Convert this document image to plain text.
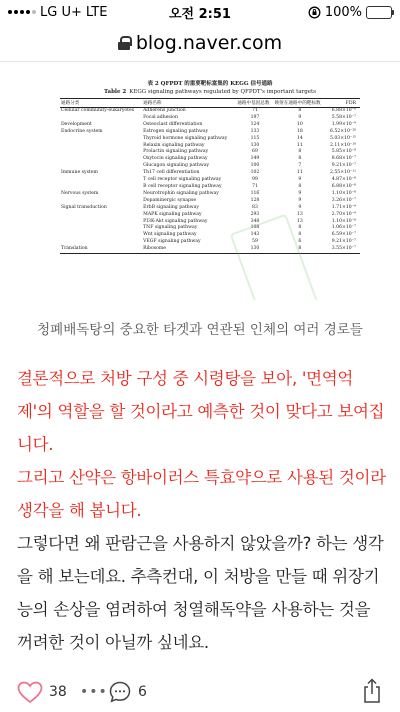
LG U+ LTE	오전 2:51	100%
blog.naver.com
表 2 QFPDT 的重要靶标富集的 KEGG 信号通路
Table 2 KEGG signaling pathways regulated by QFPDT's important targets
通路分类	通路名称	通路中基因总数	映射在通路中的靶标数	FDR
Cellular community-eukaryotes	Adherens junction	71	8	6.88×10⁻⁸
	Focal adhesion	197	9	5.58×10⁻⁷
Development	Osteoclast differentiation	124	10	1.99×10⁻⁹
Endocrine system	Estrogen signaling pathway	133	18	6.52×10⁻²⁰
	Thyroid hormone signaling pathway	115	14	5.03×10⁻¹⁵
	Relaxin signaling pathway	130	11	2.11×10⁻¹⁰
	Prolactin signaling pathway	69	8	5.85×10⁻⁸
	Oxytocin signaling pathway	149	8	8.68×10⁻⁷
	Glucagon signaling pathway	100	7	9.21×10⁻⁷
Immune system	Th17 cell differentiation	102	11	2.55×10⁻¹¹
	T cell receptor signaling pathway	99	9	4.87×10⁻⁸
	B cell receptor signaling pathway	71	8	6.88×10⁻⁸
Nervous system	Neurotrophin signaling pathway	116	9	1.10×10⁻⁸
	Dopaminergic synapse	128	9	3.26×10⁻⁷
Signal transduction	ErbB signaling pathway	83	9	1.71×10⁻⁹
	MAPK signaling pathway	293	13	2.70×10⁻⁹
	PI3K-Akt signaling pathway	348	13	1.10×10⁻⁸
	TNF signaling pathway	108	8	1.06×10⁻⁷
	Wnt signaling pathway	143	8	6.59×10⁻⁷
	VEGF signaling pathway	59	6	9.21×10⁻⁷
Translation	Ribosome	130	8	3.55×10⁻⁷
청폐배독탕의 중요한 타겟과 연관된 인체의 여러 경로들
결론적으로 처방 구성 중 시령탕을 보아, '면역억제'의 역할을 할 것이라고 예측한 것이 맞다고 보여집니다.
그리고 산약은 항바이러스 특효약으로 사용된 것이라 생각을 해 봅니다.
그렇다면 왜 판람근을 사용하지 않았을까? 하는 생각을 해 보는데요. 추측컨대, 이 처방을 만들 때 위장기능의 손상을 염려하여 청열해독약을 사용하는 것을 꺼려한 것이 아닐까 싶네요.
38 ••• 6
